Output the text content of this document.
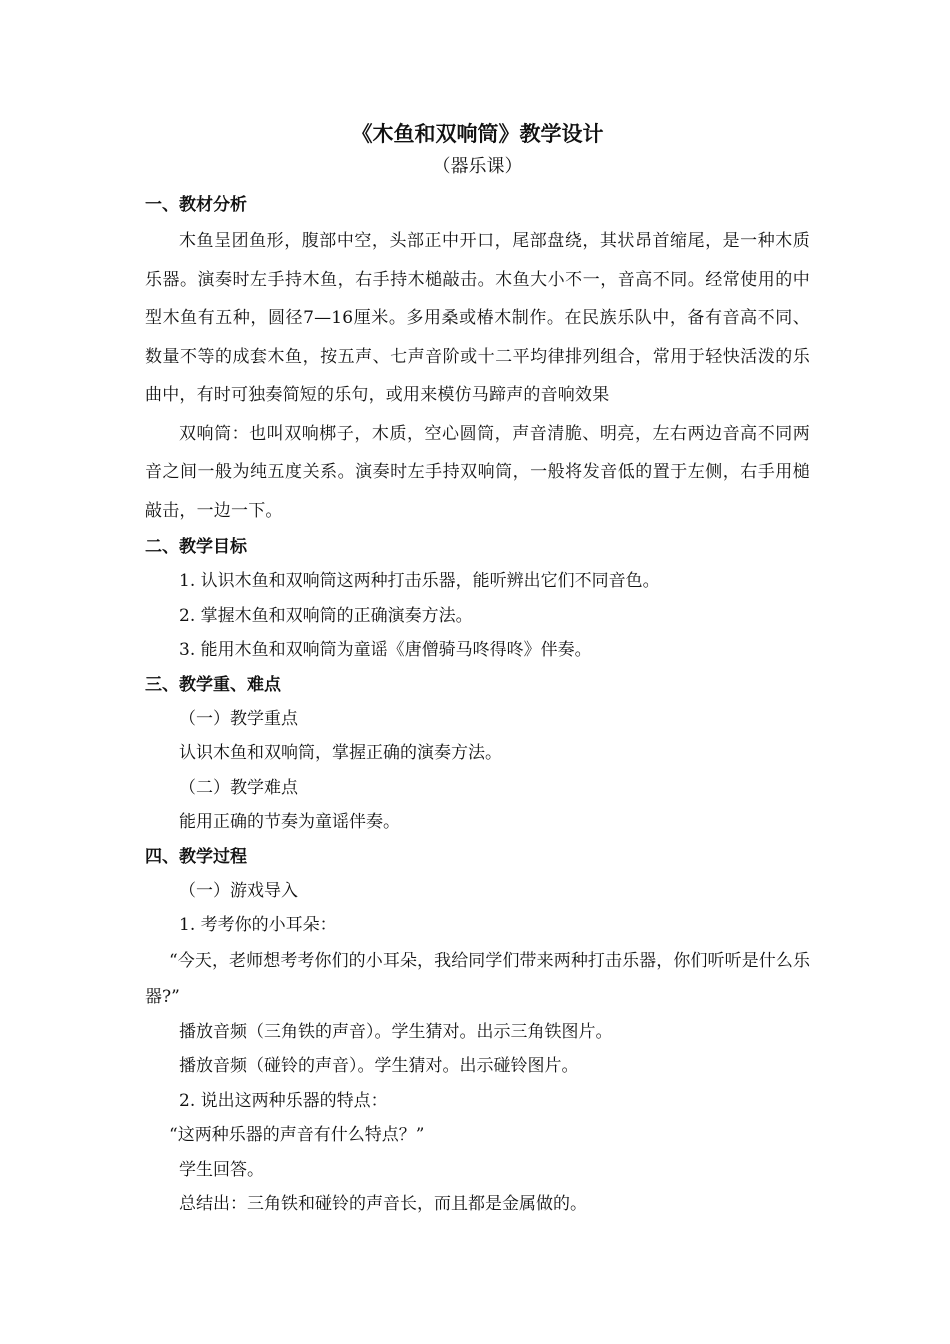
《木鱼和双响筒》教学设计
（器乐课）
一、教材分析
木鱼呈团鱼形，腹部中空，头部正中开口，尾部盘绕，其状昂首缩尾，是一种木质乐器。演奏时左手持木鱼，右手持木槌敲击。木鱼大小不一，音高不同。经常使用的中型木鱼有五种，圆径7—16厘米。多用桑或椿木制作。在民族乐队中，备有音高不同、数量不等的成套木鱼，按五声、七声音阶或十二平均律排列组合，常用于轻快活泼的乐曲中，有时可独奏简短的乐句，或用来模仿马蹄声的音响效果
双响筒：也叫双响梆子，木质，空心圆筒，声音清脆、明亮，左右两边音高不同两音之间一般为纯五度关系。演奏时左手持双响筒，一般将发音低的置于左侧，右手用槌敲击，一边一下。
二、教学目标
1. 认识木鱼和双响筒这两种打击乐器，能听辨出它们不同音色。
2. 掌握木鱼和双响筒的正确演奏方法。
3. 能用木鱼和双响筒为童谣《唐僧骑马咚得咚》伴奏。
三、教学重、难点
（一）教学重点
认识木鱼和双响筒，掌握正确的演奏方法。
（二）教学难点
能用正确的节奏为童谣伴奏。
四、教学过程
（一）游戏导入
1. 考考你的小耳朵：
“今天，老师想考考你们的小耳朵，我给同学们带来两种打击乐器，你们听听是什么乐器?”
播放音频（三角铁的声音）。学生猜对。出示三角铁图片。
播放音频（碰铃的声音）。学生猜对。出示碰铃图片。
2. 说出这两种乐器的特点：
“这两种乐器的声音有什么特点？”
学生回答。
总结出：三角铁和碰铃的声音长，而且都是金属做的。
